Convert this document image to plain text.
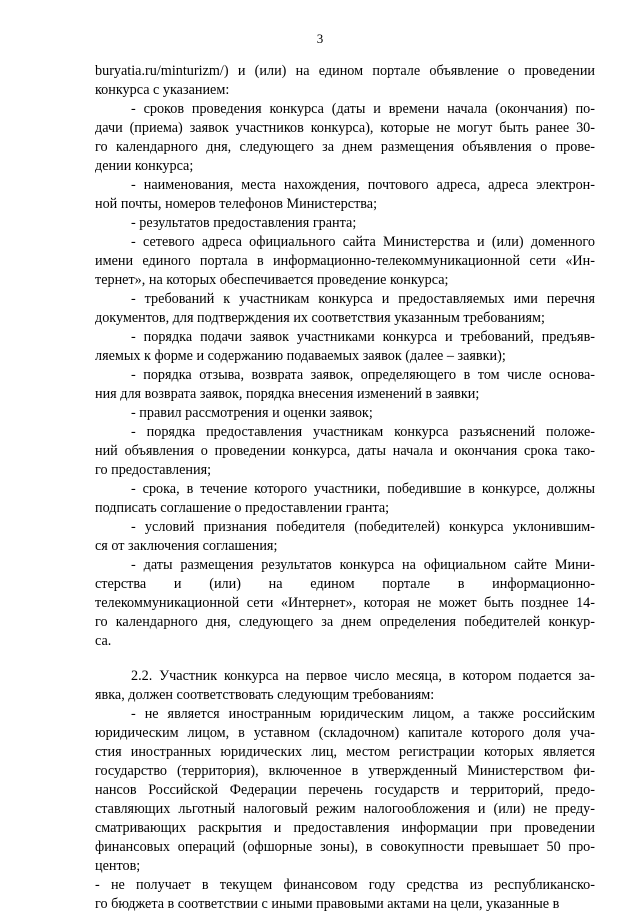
3
buryatia.ru/minturizm/) и (или) на едином портале объявление о проведении
конкурса с указанием:
- сроков проведения конкурса (даты и времени начала (окончания) по-
дачи (приема) заявок участников конкурса), которые не могут быть ранее 30-
го календарного дня, следующего за днем размещения объявления о прове-
дении конкурса;
- наименования, места нахождения, почтового адреса, адреса электрон-
ной почты, номеров телефонов Министерства;
- результатов предоставления гранта;
- сетевого адреса официального сайта Министерства и (или) доменного
имени единого портала в информационно-телекоммуникационной сети «Ин-
тернет», на которых обеспечивается проведение конкурса;
- требований к участникам конкурса и предоставляемых ими перечня
документов, для подтверждения их соответствия указанным требованиям;
- порядка подачи заявок участниками конкурса и требований, предъяв-
ляемых к форме и содержанию подаваемых заявок (далее – заявки);
- порядка отзыва, возврата заявок, определяющего в том числе основа-
ния для возврата заявок, порядка внесения изменений в заявки;
- правил рассмотрения и оценки заявок;
- порядка предоставления участникам конкурса разъяснений положе-
ний объявления о проведении конкурса, даты начала и окончания срока тако-
го предоставления;
- срока, в течение которого участники, победившие в конкурсе, должны
подписать соглашение о предоставлении гранта;
- условий признания победителя (победителей) конкурса уклонившим-
ся от заключения соглашения;
- даты размещения результатов конкурса на официальном сайте Мини-
стерства и (или) на едином портале в информационно-
телекоммуникационной сети «Интернет», которая не может быть позднее 14-
го календарного дня, следующего за днем определения победителей конкур-
са.
2.2. Участник конкурса на первое число месяца, в котором подается за-
явка, должен соответствовать следующим требованиям:
- не является иностранным юридическим лицом, а также российским
юридическим лицом, в уставном (складочном) капитале которого доля уча-
стия иностранных юридических лиц, местом регистрации которых является
государство (территория), включенное в утвержденный Министерством фи-
нансов Российской Федерации перечень государств и территорий, предо-
ставляющих льготный налоговый режим налогообложения и (или) не преду-
сматривающих раскрытия и предоставления информации при проведении
финансовых операций (офшорные зоны), в совокупности превышает 50 про-
центов;
- не получает в текущем финансовом году средства из республиканско-
го бюджета в соответствии с иными правовыми актами на цели, указанные в
